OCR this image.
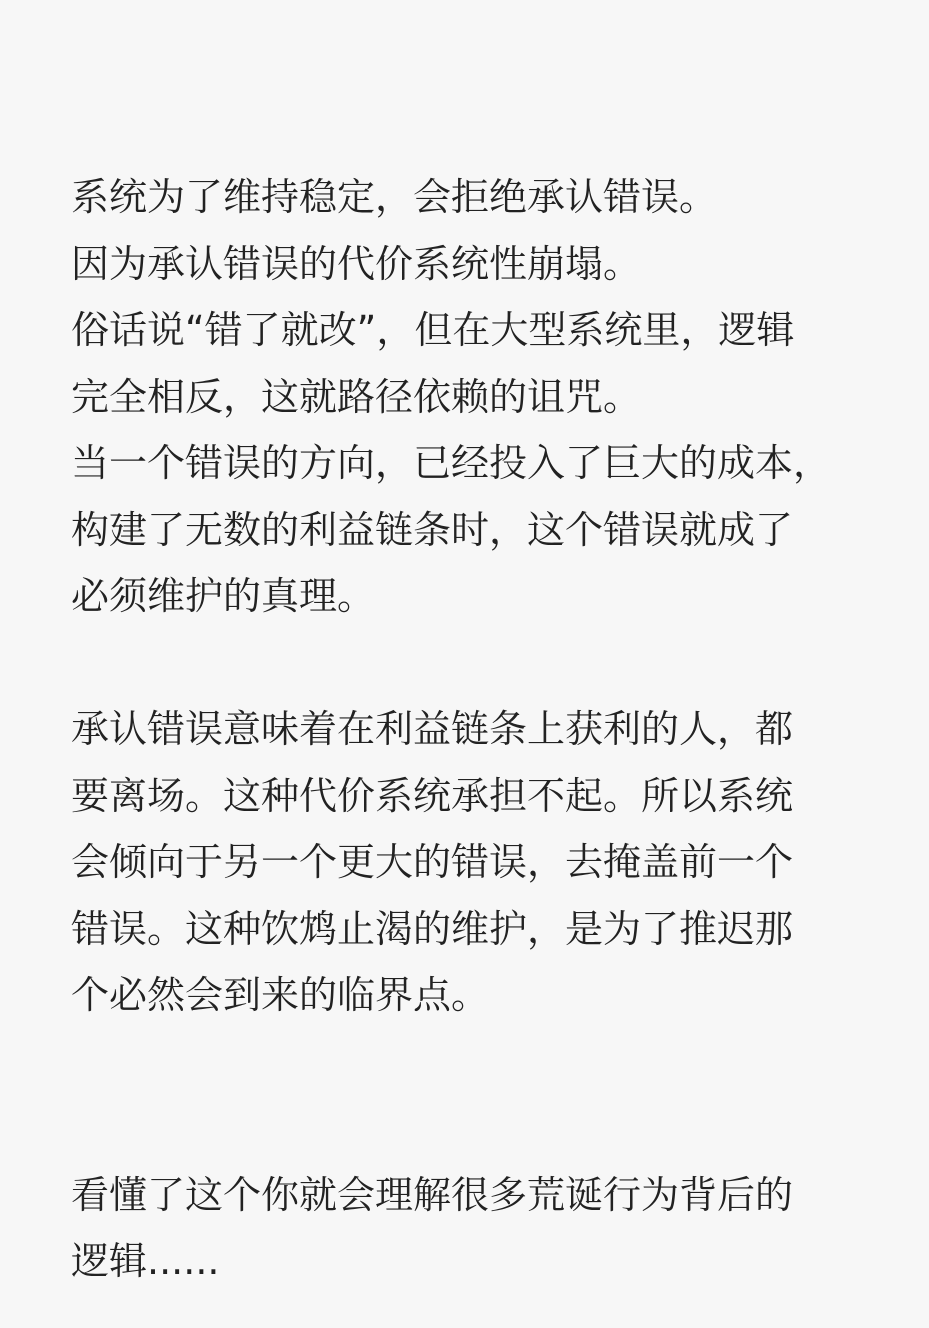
系统为了维持稳定，会拒绝承认错误。
因为承认错误的代价系统性崩塌。
俗话说“错了就改”，但在大型系统里，逻辑
完全相反，这就路径依赖的诅咒。
当一个错误的方向，已经投入了巨大的成本，
构建了无数的利益链条时，这个错误就成了
必须维护的真理。
承认错误意味着在利益链条上获利的人，都
要离场。这种代价系统承担不起。所以系统
会倾向于另一个更大的错误，去掩盖前一个
错误。这种饮鸩止渴的维护，是为了推迟那
个必然会到来的临界点。
看懂了这个你就会理解很多荒诞行为背后的
逻辑......
